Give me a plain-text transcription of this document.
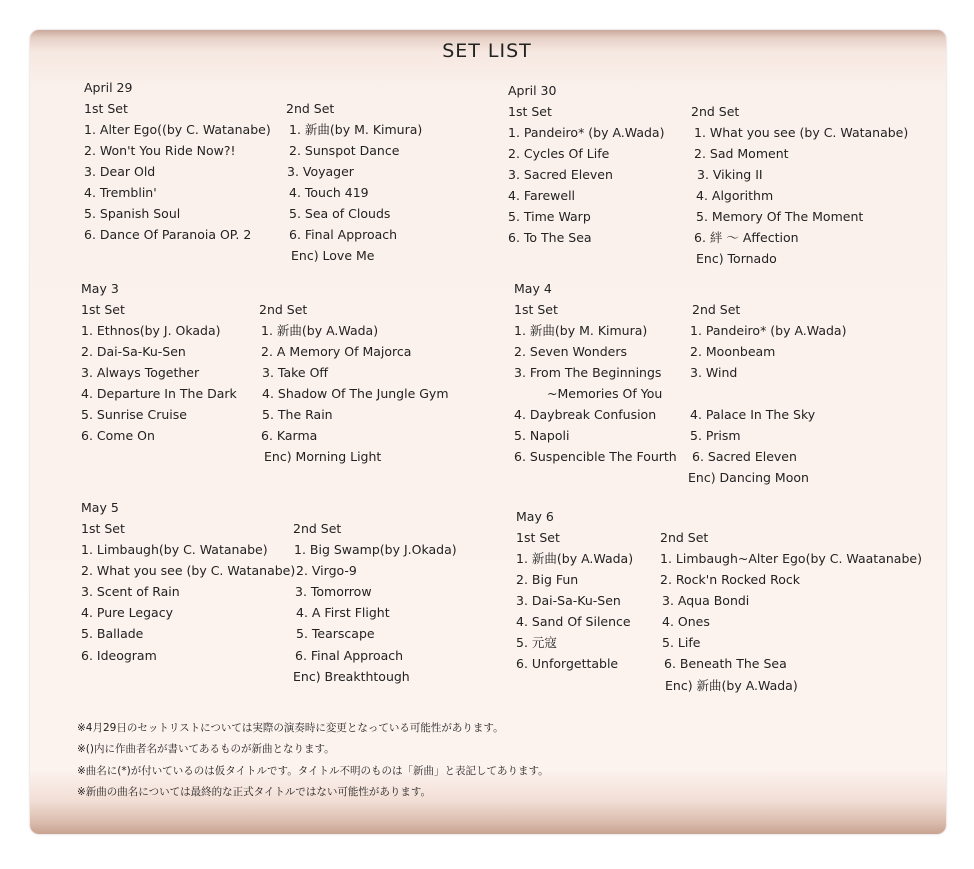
SET LIST
April 29
1st Set
1. Alter Ego((by C. Watanabe)
2. Won't You Ride Now?!
3. Dear Old
4. Tremblin'
5. Spanish Soul
6. Dance Of Paranoia OP. 2
2nd Set
1. 新曲(by M. Kimura)
2. Sunspot Dance
3. Voyager
4. Touch 419
5. Sea of Clouds
6. Final Approach
Enc) Love Me
April 30
1st Set
1. Pandeiro* (by A.Wada)
2. Cycles Of Life
3. Sacred Eleven
4. Farewell
5. Time Warp
6. To The Sea
2nd Set
1. What you see (by C. Watanabe)
2. Sad Moment
3. Viking II
4. Algorithm
5. Memory Of The Moment
6. 絆 ～ Affection
Enc) Tornado
May 3
1st Set
1. Ethnos(by J. Okada)
2. Dai-Sa-Ku-Sen
3. Always Together
4. Departure In The Dark
5. Sunrise Cruise
6. Come On
2nd Set
1. 新曲(by A.Wada)
2. A Memory Of Majorca
3. Take Off
4. Shadow Of The Jungle Gym
5. The Rain
6. Karma
Enc) Morning Light
May 4
1st Set
1. 新曲(by M. Kimura)
2. Seven Wonders
3. From The Beginnings
~Memories Of You
4. Daybreak Confusion
5. Napoli
6. Suspencible The Fourth
2nd Set
1. Pandeiro* (by A.Wada)
2. Moonbeam
3. Wind
4. Palace In The Sky
5. Prism
6. Sacred Eleven
Enc) Dancing Moon
May 5
1st Set
1. Limbaugh(by C. Watanabe)
2. What you see (by C. Watanabe)
3. Scent of Rain
4. Pure Legacy
5. Ballade
6. Ideogram
2nd Set
1. Big Swamp(by J.Okada)
2. Virgo-9
3. Tomorrow
4. A First Flight
5. Tearscape
6. Final Approach
Enc) Breakthtough
May 6
1st Set
1. 新曲(by A.Wada)
2. Big Fun
3. Dai-Sa-Ku-Sen
4. Sand Of Silence
5. 元寇
6. Unforgettable
2nd Set
1. Limbaugh~Alter Ego(by C. Waatanabe)
2. Rock'n Rocked Rock
3. Aqua Bondi
4. Ones
5. Life
6. Beneath The Sea
Enc) 新曲(by A.Wada)
※4月29日のセットリストについては実際の演奏時に変更となっている可能性があります。
※()内に作曲者名が書いてあるものが新曲となります。
※曲名に(*)が付いているのは仮タイトルです。タイトル不明のものは「新曲」と表記してあります。
※新曲の曲名については最終的な正式タイトルではない可能性があります。
